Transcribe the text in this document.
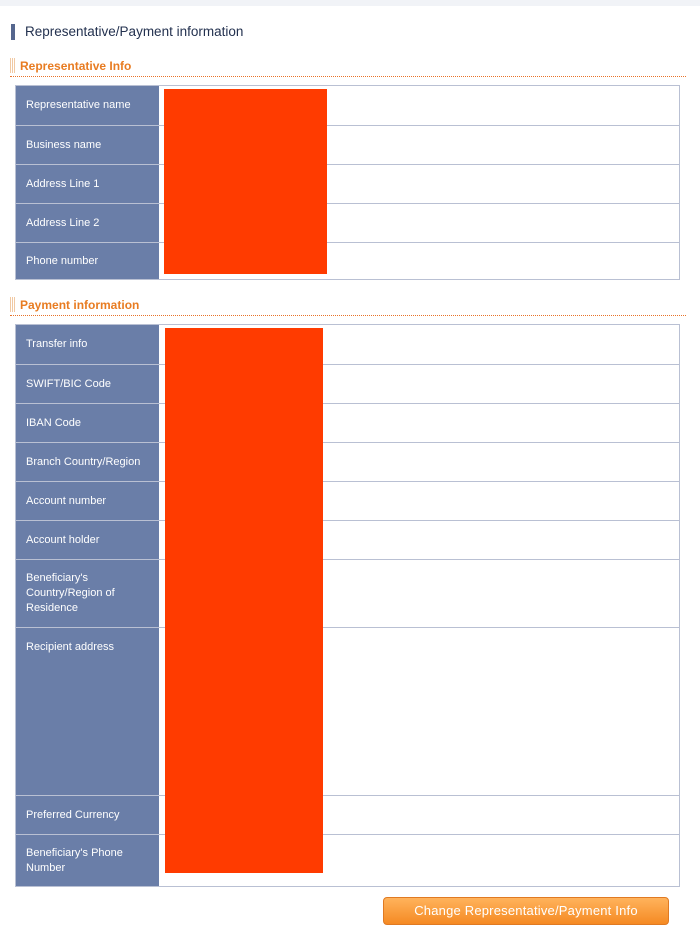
Representative/Payment information
Representative Info
Representative name
Business name
Address Line 1
Address Line 2
Phone number
Payment information
Transfer info
SWIFT/BIC Code
IBAN Code
Branch Country/Region
Account number
Account holder
Beneficiary's Country/Region of Residence
Recipient address
Preferred Currency
Beneficiary's Phone Number
Change Representative/Payment Info
